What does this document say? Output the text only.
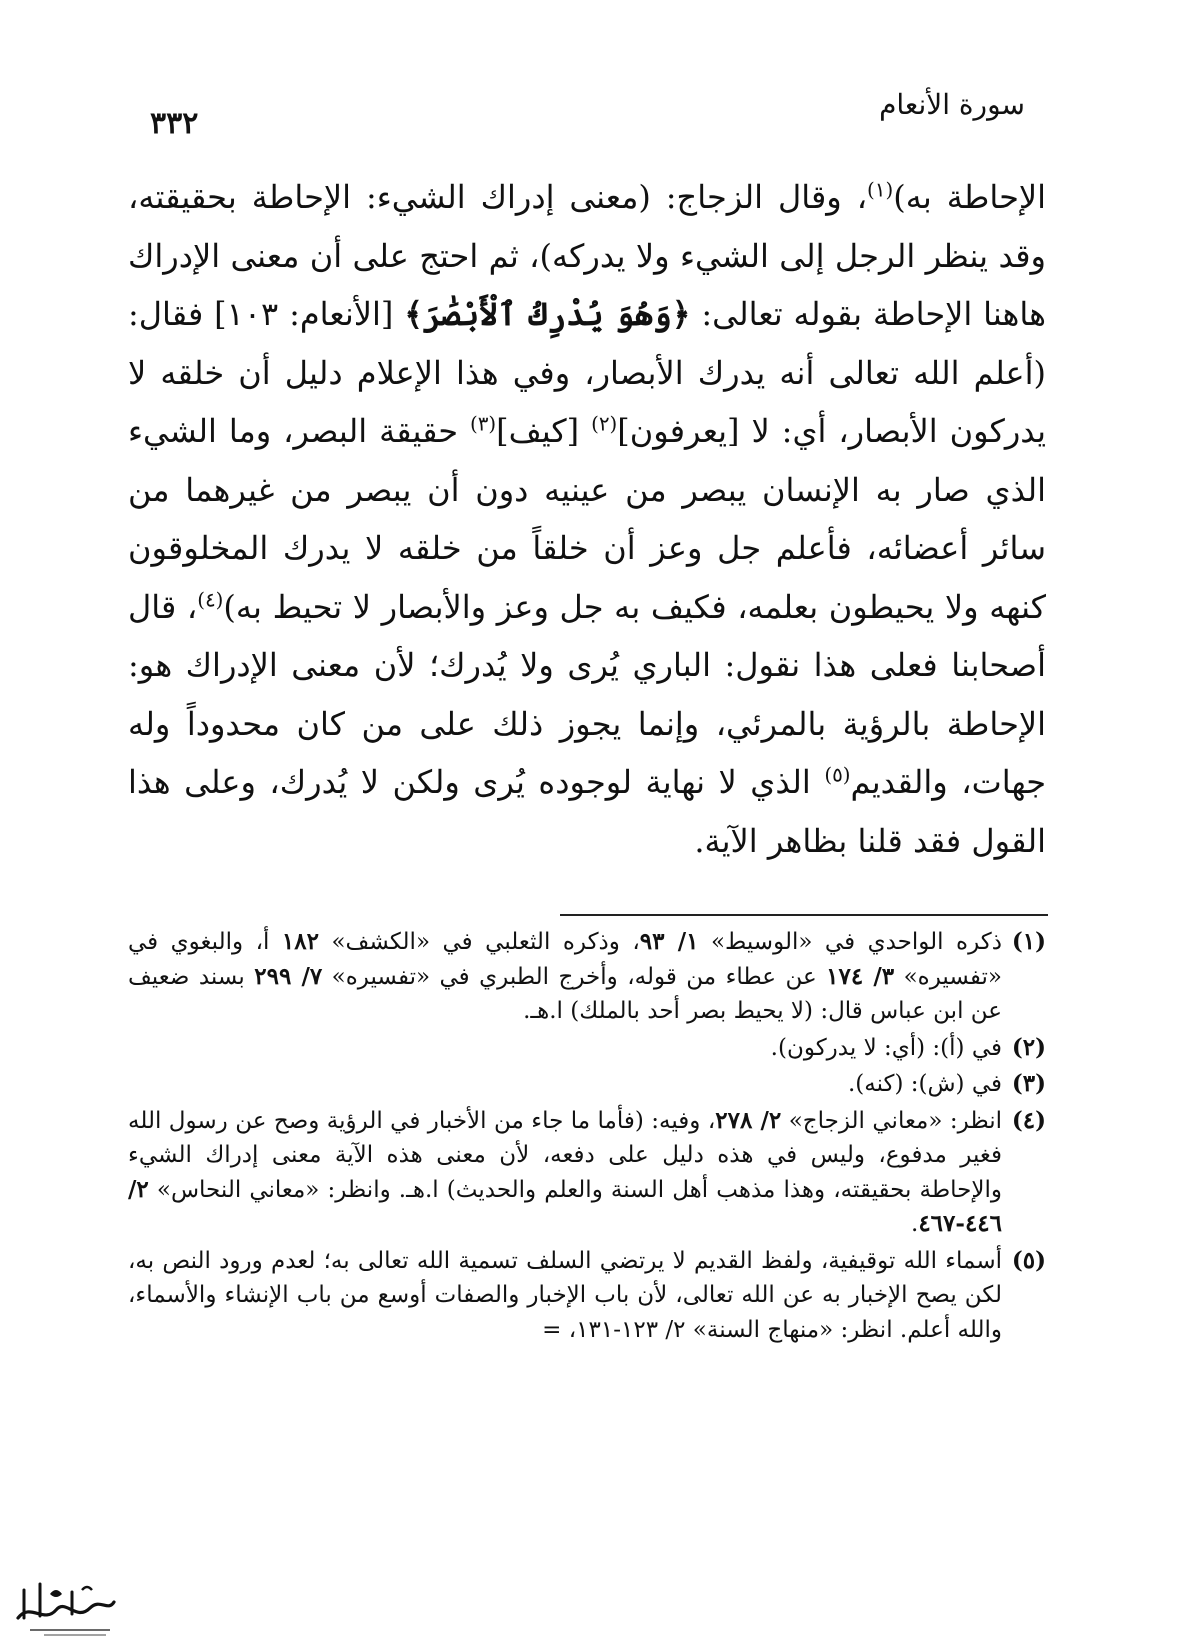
سورة الأنعام
٣٣٢

الإحاطة به)$^{(١)}$، وقال الزجاج: (معنى إدراك الشيء: الإحاطة بحقيقته، وقد ينظر الرجل إلى الشيء ولا يدركه)، ثم احتج على أن معنى الإدراك هاهنا الإحاطة بقوله تعالى: ﴿وَهُوَ يُدْرِكُ ٱلْأَبْصَٰرَ﴾ [الأنعام: ١٠٣] فقال: (أعلم الله تعالى أنه يدرك الأبصار، وفي هذا الإعلام دليل أن خلقه لا يدركون الأبصار، أي: لا [يعرفون]$^{(٢)}$ [كيف]$^{(٣)}$ حقيقة البصر، وما الشيء الذي صار به الإنسان يبصر من عينيه دون أن يبصر من غيرهما من سائر أعضائه، فأعلم جل وعز أن خلقاً من خلقه لا يدرك المخلوقون كنهه ولا يحيطون بعلمه، فكيف به جل وعز والأبصار لا تحيط به)$^{(٤)}$، قال أصحابنا فعلى هذا نقول: الباري يُرى ولا يُدرك؛ لأن معنى الإدراك هو: الإحاطة بالرؤية بالمرئي، وإنما يجوز ذلك على من كان محدوداً وله جهات، والقديم$^{(٥)}$ الذي لا نهاية لوجوده يُرى ولكن لا يُدرك، وعلى هذا القول فقد قلنا بظاهر الآية.

(١)
ذكره الواحدي في «الوسيط» ١/ ٩٣، وذكره الثعلبي في «الكشف» ١٨٢ أ، والبغوي في «تفسيره» ٣/ ١٧٤ عن عطاء من قوله، وأخرج الطبري في «تفسيره» ٧/ ٢٩٩ بسند ضعيف عن ابن عباس قال: (لا يحيط بصر أحد بالملك) ا.هـ.
(٢)
في (أ): (أي: لا يدركون).
(٣)
في (ش): (كنه).
(٤)
انظر: «معاني الزجاج» ٢/ ٢٧٨، وفيه: (فأما ما جاء من الأخبار في الرؤية وصح عن رسول الله فغير مدفوع، وليس في هذه دليل على دفعه، لأن معنى هذه الآية معنى إدراك الشيء والإحاطة بحقيقته، وهذا مذهب أهل السنة والعلم والحديث) ا.هـ. وانظر: «معاني النحاس» ٢/ ٤٤٦-٤٦٧.
(٥)
أسماء الله توقيفية، ولفظ القديم لا يرتضي السلف تسمية الله تعالى به؛ لعدم ورود النص به، لكن يصح الإخبار به عن الله تعالى، لأن باب الإخبار والصفات أوسع من باب الإنشاء والأسماء، والله أعلم. انظر: «منهاج السنة» ٢/ ١٢٣-١٣١، =
